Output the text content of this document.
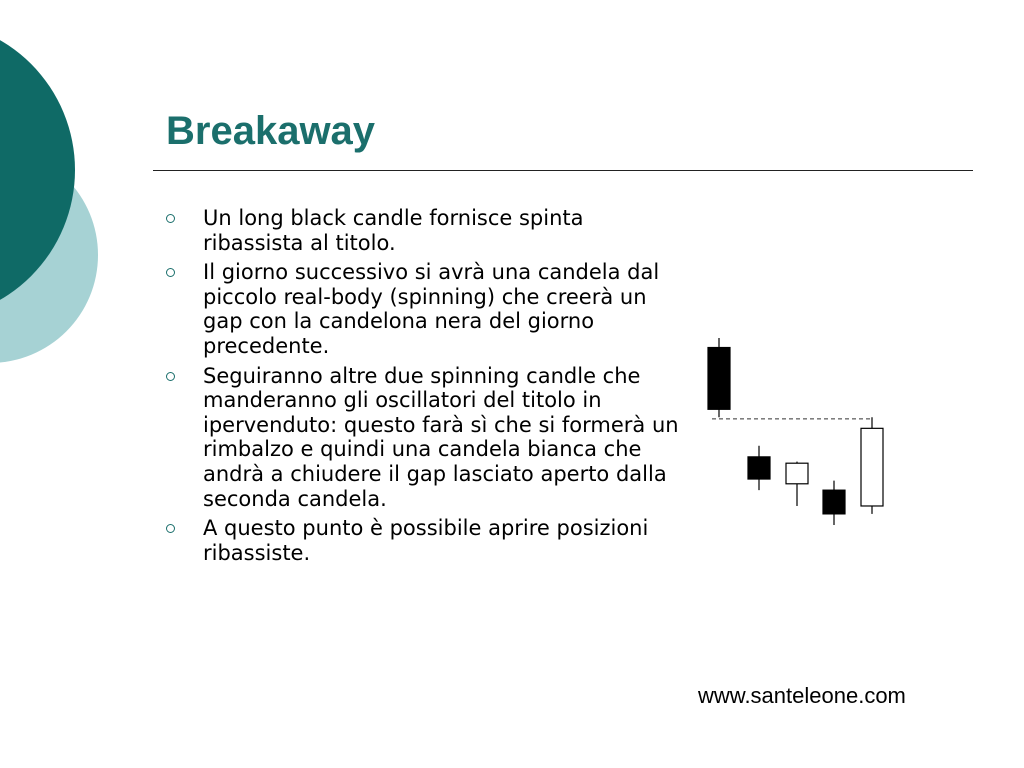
Breakaway
Un long black candle fornisce spinta ribassista al titolo.
Il giorno successivo si avrà una candela dal piccolo real-body (spinning) che creerà un gap con la candelona nera del giorno precedente.
Seguiranno altre due spinning candle che manderanno gli oscillatori del titolo in ipervenduto: questo farà sì che si formerà un rimbalzo e quindi una candela bianca che andrà a chiudere il gap lasciato aperto dalla seconda candela.
A questo punto è possibile aprire posizioni ribassiste.
www.santeleone.com
